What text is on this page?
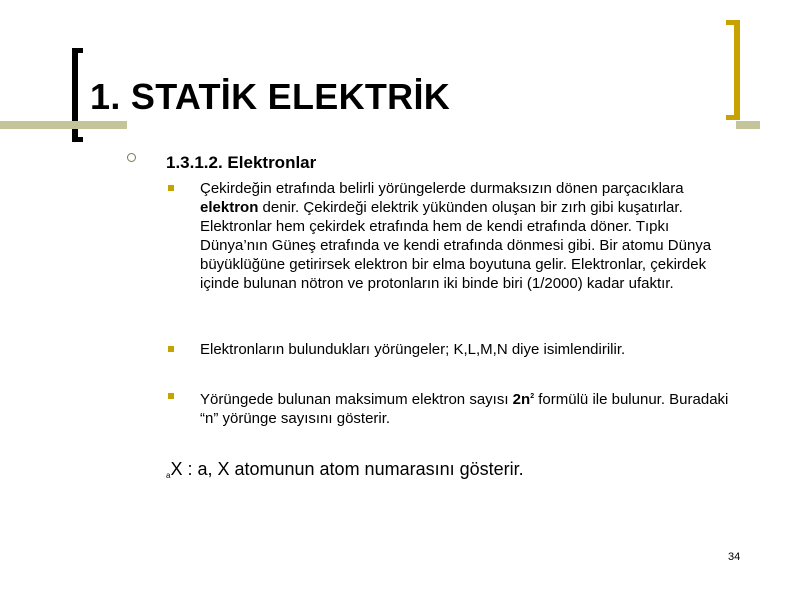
1. STATİK ELEKTRİK
1.3.1.2. Elektronlar

Çekirdeğin etrafında belirli yörüngelerde durmaksızın dönen parçacıklara elektron denir. Çekirdeği elektrik yükünden oluşan bir zırh gibi kuşatırlar. Elektronlar hem çekirdek etrafında hem de kendi etrafında döner. Tıpkı Dünya’nın Güneş etrafında ve kendi etrafında dönmesi gibi. Bir atomu Dünya büyüklüğüne getirirsek elektron bir elma boyutuna gelir. Elektronlar, çekirdek içinde bulunan nötron ve protonların iki binde biri (1/2000) kadar ufaktır.

Elektronların bulundukları yörüngeler; K,L,M,N diye isimlendirilir.

Yörüngede bulunan maksimum elektron sayısı $2n^2$ formülü ile bulunur. Buradaki “n” yörünge sayısını gösterir.

$_a$X : a, X atomunun atom numarasını gösterir.
34
